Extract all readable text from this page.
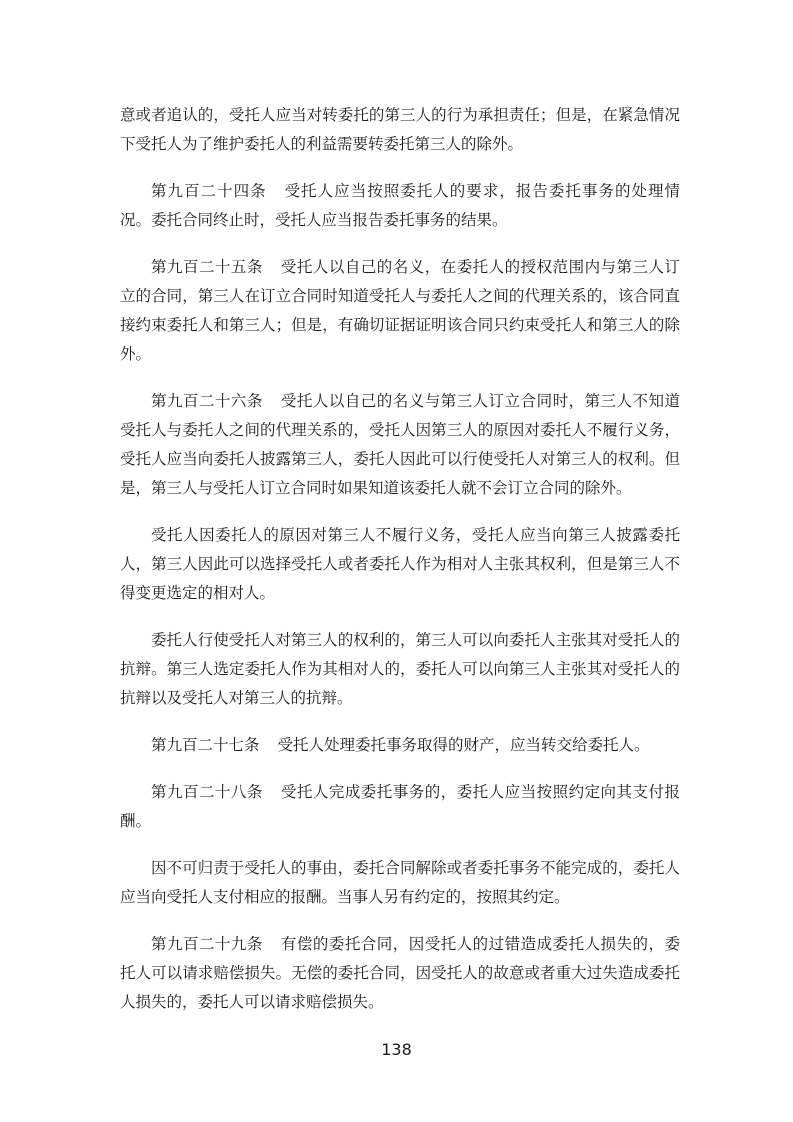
意或者追认的，受托人应当对转委托的第三人的行为承担责任；但是，在紧急情况下受托人为了维护委托人的利益需要转委托第三人的除外。

第九百二十四条 受托人应当按照委托人的要求，报告委托事务的处理情况。委托合同终止时，受托人应当报告委托事务的结果。

第九百二十五条 受托人以自己的名义，在委托人的授权范围内与第三人订立的合同，第三人在订立合同时知道受托人与委托人之间的代理关系的，该合同直接约束委托人和第三人；但是，有确切证据证明该合同只约束受托人和第三人的除外。

第九百二十六条 受托人以自己的名义与第三人订立合同时，第三人不知道受托人与委托人之间的代理关系的，受托人因第三人的原因对委托人不履行义务，受托人应当向委托人披露第三人，委托人因此可以行使受托人对第三人的权利。但是，第三人与受托人订立合同时如果知道该委托人就不会订立合同的除外。

受托人因委托人的原因对第三人不履行义务，受托人应当向第三人披露委托人，第三人因此可以选择受托人或者委托人作为相对人主张其权利，但是第三人不得变更选定的相对人。

委托人行使受托人对第三人的权利的，第三人可以向委托人主张其对受托人的抗辩。第三人选定委托人作为其相对人的，委托人可以向第三人主张其对受托人的抗辩以及受托人对第三人的抗辩。

第九百二十七条 受托人处理委托事务取得的财产，应当转交给委托人。

第九百二十八条 受托人完成委托事务的，委托人应当按照约定向其支付报酬。

因不可归责于受托人的事由，委托合同解除或者委托事务不能完成的，委托人应当向受托人支付相应的报酬。当事人另有约定的，按照其约定。

第九百二十九条 有偿的委托合同，因受托人的过错造成委托人损失的，委托人可以请求赔偿损失。无偿的委托合同，因受托人的故意或者重大过失造成委托人损失的，委托人可以请求赔偿损失。

138
